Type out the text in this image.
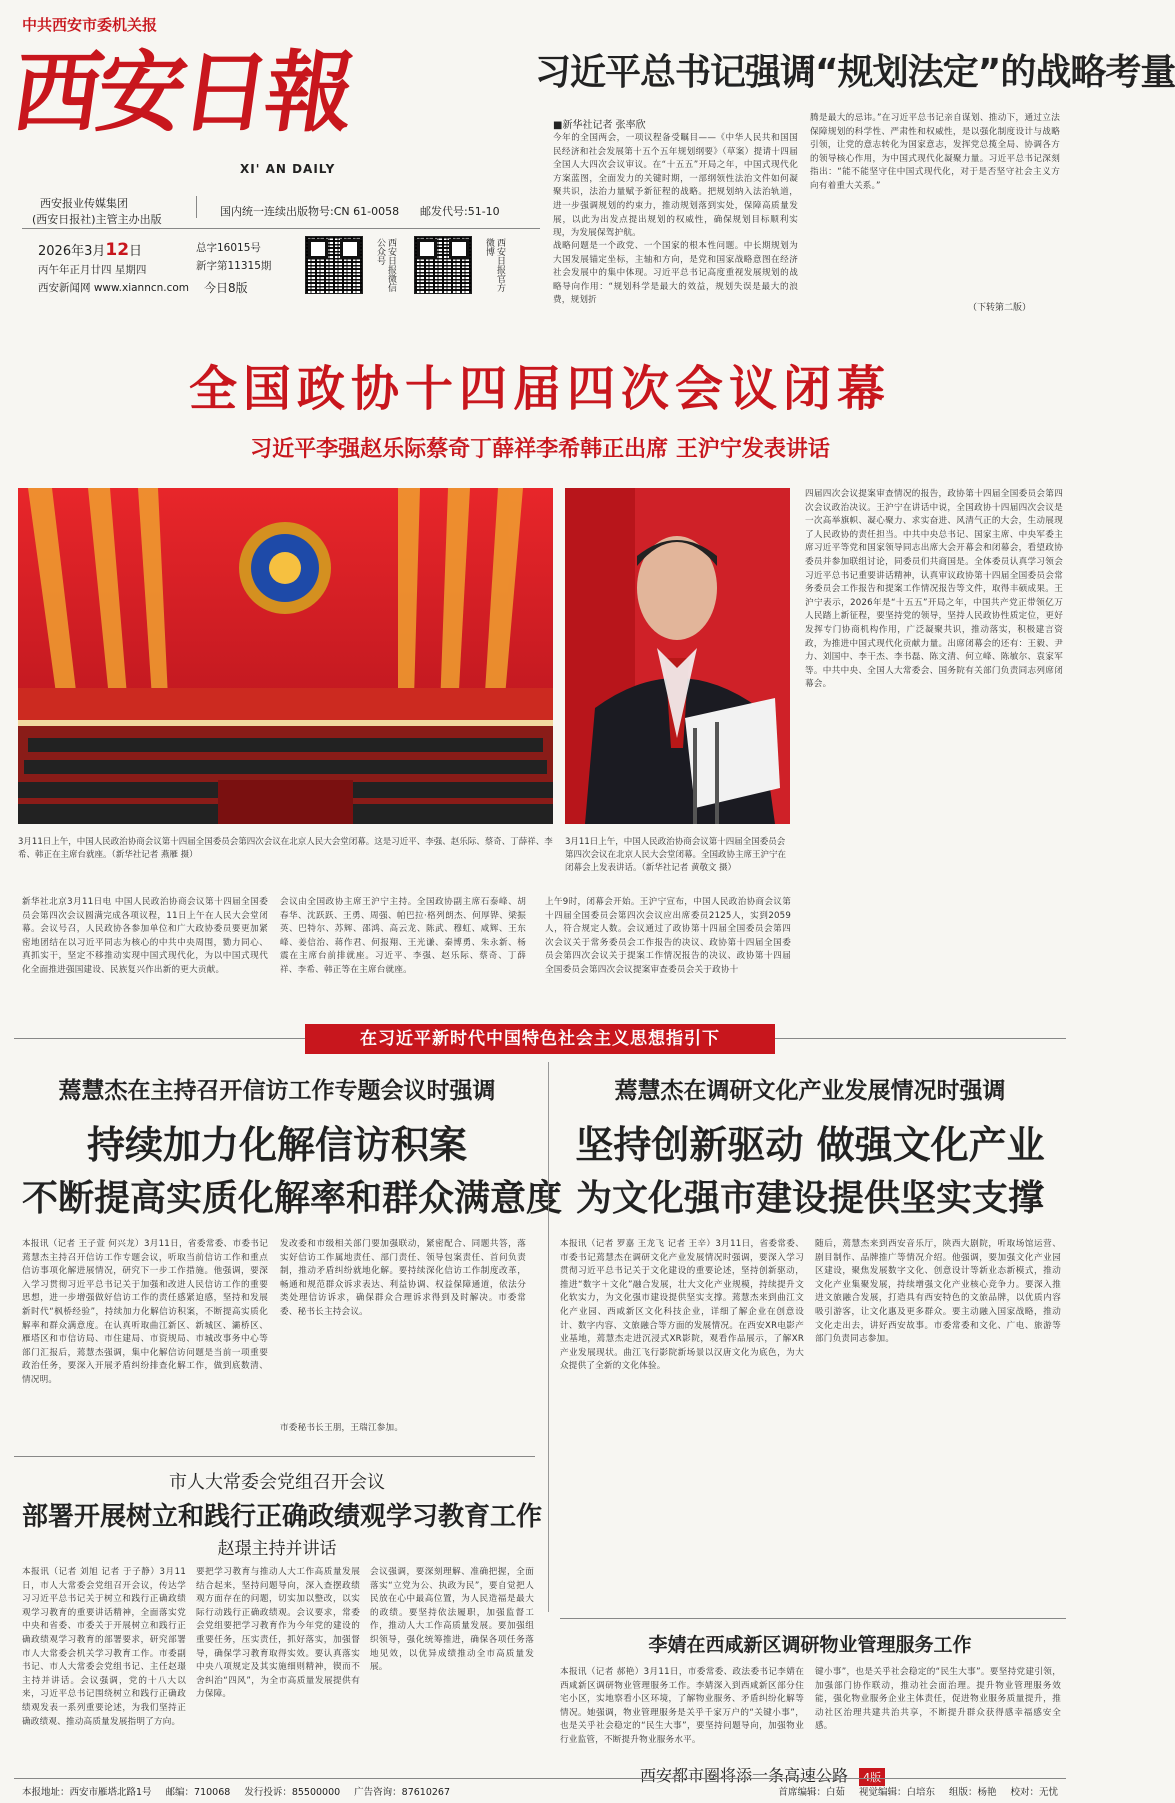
中共西安市委机关报
西安日報
XI' AN DAILY
西安报业传媒集团
(西安日报社)主管主办出版
国内统一连续出版物号:CN 61-0058 邮发代号:51-10
2026年3月12日
丙午年正月廿四 星期四
西安新闻网 www.xianncn.com
总字16015号
新字第11315期
今日8版	西安日报微信公众号	西安日报官方微博
习近平总书记强调“规划法定”的战略考量
■新华社记者 张率欣
今年的全国两会，一项议程备受瞩目——《中华人民共和国国民经济和社会发展第十五个五年规划纲要》（草案）提请十四届全国人大四次会议审议。在“十五五”开局之年，中国式现代化方案蓝图，全面发力的关键时期，一部纲领性法治文件如何凝聚共识，法治力量赋予新征程的战略。把规划纳入法治轨道，进一步强调规划的约束力，推动规划落到实处，保障高质量发展，以此为出发点提出规划的权威性，确保规划目标顺利实现，为发展保驾护航。
战略问题是一个政党、一个国家的根本性问题。中长期规划为大国发展锚定坐标，主轴和方向，是党和国家战略意图在经济社会发展中的集中体现。习近平总书记高度重视发展规划的战略导向作用：“规划科学是最大的效益，规划失误是最大的浪费，规划折
腾是最大的忌讳。”在习近平总书记亲自谋划、推动下，通过立法保障规划的科学性、严肃性和权威性，是以强化制度设计与战略引领，让党的意志转化为国家意志，发挥党总揽全局、协调各方的领导核心作用，为中国式现代化凝聚力量。习近平总书记深刻指出：“能不能坚守住中国式现代化，对于是否坚守社会主义方向有着重大关系。”
（下转第二版）
全国政协十四届四次会议闭幕
习近平李强赵乐际蔡奇丁薛祥李希韩正出席 王沪宁发表讲话
3月11日上午，中国人民政治协商会议第十四届全国委员会第四次会议在北京人民大会堂闭幕。这是习近平、李强、赵乐际、蔡奇、丁薛祥、李希、韩正在主席台就座。（新华社记者 燕雁 摄）
3月11日上午，中国人民政治协商会议第十四届全国委员会第四次会议在北京人民大会堂闭幕。全国政协主席王沪宁在闭幕会上发表讲话。（新华社记者 黄敬文 摄）
四届四次会议提案审查情况的报告，政协第十四届全国委员会第四次会议政治决议。王沪宁在讲话中说，全国政协十四届四次会议是一次高举旗帜、凝心聚力、求实奋进、风清气正的大会，生动展现了人民政协的责任担当。中共中央总书记、国家主席、中央军委主席习近平等党和国家领导同志出席大会开幕会和闭幕会，看望政协委员并参加联组讨论，同委员们共商国是。全体委员认真学习领会习近平总书记重要讲话精神，认真审议政协第十四届全国委员会常务委员会工作报告和提案工作情况报告等文件，取得丰硕成果。王沪宁表示，2026年是“十五五”开局之年，中国共产党正带领亿万人民踏上新征程，要坚持党的领导，坚持人民政协性质定位，更好发挥专门协商机构作用，广泛凝聚共识，推动落实，积极建言资政，为推进中国式现代化贡献力量。出席闭幕会的还有：王毅、尹力、刘国中、李干杰、李书磊、陈文清、何立峰、陈敏尔、袁家军等。中共中央、全国人大常委会、国务院有关部门负责同志列席闭幕会。
新华社北京3月11日电 中国人民政治协商会议第十四届全国委员会第四次会议圆满完成各项议程，11日上午在人民大会堂闭幕。会议号召，人民政协各参加单位和广大政协委员要更加紧密地团结在以习近平同志为核心的中共中央周围，勠力同心、真抓实干，坚定不移推动实现中国式现代化，为以中国式现代化全面推进强国建设、民族复兴作出新的更大贡献。
会议由全国政协主席王沪宁主持。全国政协副主席石泰峰、胡春华、沈跃跃、王勇、周强、帕巴拉·格列朗杰、何厚铧、梁振英、巴特尔、苏辉、邵鸿、高云龙、陈武、穆虹、咸辉、王东峰、姜信治、蒋作君、何报翔、王光谦、秦博勇、朱永新、杨震在主席台前排就座。习近平、李强、赵乐际、蔡奇、丁薛祥、李希、韩正等在主席台就座。
上午9时，闭幕会开始。王沪宁宣布，中国人民政治协商会议第十四届全国委员会第四次会议应出席委员2125人，实到2059人，符合规定人数。会议通过了政协第十四届全国委员会第四次会议关于常务委员会工作报告的决议、政协第十四届全国委员会第四次会议关于提案工作情况报告的决议、政协第十四届全国委员会第四次会议提案审查委员会关于政协十
在习近平新时代中国特色社会主义思想指引下
蔫慧杰在主持召开信访工作专题会议时强调
持续加力化解信访积案
不断提高实质化解率和群众满意度
本报讯（记者 王子萱 何兴龙）3月11日，省委常委、市委书记蔫慧杰主持召开信访工作专题会议，听取当前信访工作和重点信访事项化解进展情况，研究下一步工作措施。他强调，要深入学习贯彻习近平总书记关于加强和改进人民信访工作的重要思想，进一步增强做好信访工作的责任感紧迫感，坚持和发展新时代“枫桥经验”，持续加力化解信访积案，不断提高实质化解率和群众满意度。在认真听取曲江新区、新城区、灞桥区、雁塔区和市信访局、市住建局、市资规局、市城改事务中心等部门汇报后，蔫慧杰强调，集中化解信访问题是当前一项重要政治任务，要深入开展矛盾纠纷排查化解工作，做到底数清、情况明。
发改委和市级相关部门要加强联动，紧密配合、同题共答，落实好信访工作属地责任、部门责任、领导包案责任、首问负责制，推动矛盾纠纷就地化解。要持续深化信访工作制度改革，畅通和规范群众诉求表达、利益协调、权益保障通道，依法分类处理信访诉求，确保群众合理诉求得到及时解决。市委常委、秘书长主持会议。
市委秘书长王朋，王瑞江参加。
蔫慧杰在调研文化产业发展情况时强调
坚持创新驱动 做强文化产业
为文化强市建设提供坚实支撑
本报讯（记者 罗嘉 王龙飞 记者 王辛）3月11日，省委常委、市委书记蔫慧杰在调研文化产业发展情况时强调，要深入学习贯彻习近平总书记关于文化建设的重要论述，坚持创新驱动，推进“数字＋文化”融合发展，壮大文化产业规模，持续提升文化软实力，为文化强市建设提供坚实支撑。蔫慧杰来到曲江文化产业园、西咸新区文化科技企业，详细了解企业在创意设计、数字内容、文旅融合等方面的发展情况。在西安XR电影产业基地，蔫慧杰走进沉浸式XR影院，观看作品展示，了解XR产业发展现状。曲江飞行影院新场景以汉唐文化为底色，为大众提供了全新的文化体验。
随后，蔫慧杰来到西安音乐厅，陕西大剧院，听取场馆运营、剧目制作、品牌推广等情况介绍。他强调，要加强文化产业园区建设，聚焦发展数字文化、创意设计等新业态新模式，推动文化产业集聚发展，持续增强文化产业核心竞争力。要深入推进文旅融合发展，打造具有西安特色的文旅品牌，以优质内容吸引游客，让文化惠及更多群众。要主动融入国家战略，推动文化走出去，讲好西安故事。市委常委和文化、广电、旅游等部门负责同志参加。
市人大常委会党组召开会议
部署开展树立和践行正确政绩观学习教育工作
赵璟主持并讲话
本报讯（记者 刘旭 记者 于子静）3月11日，市人大常委会党组召开会议，传达学习习近平总书记关于树立和践行正确政绩观学习教育的重要讲话精神，全面落实党中央和省委、市委关于开展树立和践行正确政绩观学习教育的部署要求，研究部署市人大常委会机关学习教育工作。市委副书记、市人大常委会党组书记、主任赵璟主持并讲话。会议强调，党的十八大以来，习近平总书记围绕树立和践行正确政绩观发表一系列重要论述，为我们坚持正确政绩观、推动高质量发展指明了方向。
要把学习教育与推动人大工作高质量发展结合起来，坚持问题导向，深入查摆政绩观方面存在的问题，切实加以整改，以实际行动践行正确政绩观。会议要求，常委会党组要把学习教育作为今年党的建设的重要任务，压实责任，抓好落实，加强督导，确保学习教育取得实效。要认真落实中央八项规定及其实施细则精神，锲而不舍纠治“四风”，为全市高质量发展提供有力保障。
会议强调，要深刻理解、准确把握，全面落实“立党为公、执政为民”，要自觉把人民放在心中最高位置，为人民造福是最大的政绩。要坚持依法履职，加强监督工作，推动人大工作高质量发展。要加强组织领导，强化统筹推进，确保各项任务落地见效，以优异成绩推动全市高质量发展。
李婧在西咸新区调研物业管理服务工作
本报讯（记者 郝艳）3月11日，市委常委、政法委书记李婧在西咸新区调研物业管理服务工作。李婧深入到西咸新区部分住宅小区，实地察看小区环境，了解物业服务、矛盾纠纷化解等情况。她强调，物业管理服务是关乎千家万户的“关键小事”，也是关乎社会稳定的“民生大事”，要坚持问题导向，加强物业行业监管，不断提升物业服务水平。
键小事”，也是关乎社会稳定的“民生大事”。要坚持党建引领，加强部门协作联动，推动社会面治理。提升物业管理服务效能，强化物业服务企业主体责任，促进物业服务质量提升，推动社区治理共建共治共享，不断提升群众获得感幸福感安全感。
西安都市圈将添一条高速公路 4版
本报地址：西安市雁塔北路1号 邮编：710068 发行投诉：85500000 广告咨询：87610267	首席编辑：白茹 视觉编辑：白培东 组版：杨艳 校对：无忧
